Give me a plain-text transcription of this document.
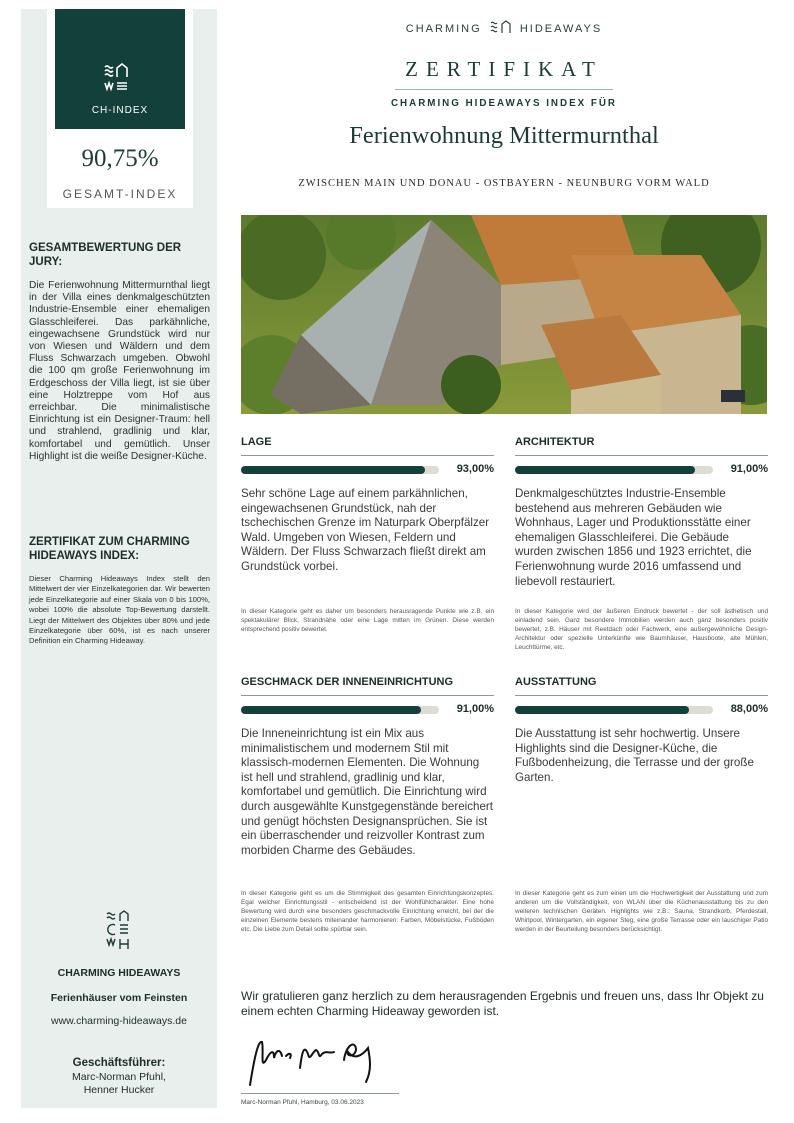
CH-INDEX
90,75%
GESAMT-INDEX
GESAMTBEWERTUNG DER JURY:
Die Ferienwohnung Mittermurnthal liegt in der Villa eines denkmalgeschützten Industrie-Ensemble einer ehemaligen Glasschleiferei. Das parkähnliche, eingewachsene Grundstück wird nur von Wiesen und Wäldern und dem Fluss Schwarzach umgeben. Obwohl die 100 qm große Ferienwohnung im Erdgeschoss der Villa liegt, ist sie über eine Holztreppe vom Hof aus erreichbar. Die minimalistische Einrichtung ist ein Designer-Traum: hell und strahlend, gradlinig und klar, komfortabel und gemütlich. Unser Highlight ist die weiße Designer-Küche.
ZERTIFIKAT ZUM CHARMING HIDEAWAYS INDEX:
Dieser Charming Hideaways Index stellt den Mittelwert der vier Einzelkategorien dar. Wir bewerten jede Einzelkategorie auf einer Skala von 0 bis 100%, wobei 100% die absolute Top-Bewertung darstellt. Liegt der Mittelwert des Objektes über 80% und jede Einzelkategorie über 60%, ist es nach unserer Definition ein Charming Hideaway.
CHARMING HIDEAWAYS
Ferienhäuser vom Feinsten
www.charming-hideaways.de
Geschäftsführer:
Marc-Norman Pfuhl,
Henner Hucker
CHARMING	HIDEAWAYS
ZERTIFIKAT
CHARMING HIDEAWAYS INDEX FÜR
Ferienwohnung Mittermurnthal
ZWISCHEN MAIN UND DONAU - OSTBAYERN - NEUNBURG VORM WALD
LAGE
93,00%
Sehr schöne Lage auf einem parkähnlichen, eingewachsenen Grundstück, nah der tschechischen Grenze im Naturpark Oberpfälzer Wald. Umgeben von Wiesen, Feldern und Wäldern. Der Fluss Schwarzach fließt direkt am Grundstück vorbei.
In dieser Kategorie geht es daher um besonders herausragende Punkte wie z.B. ein spektakulärer Blick, Strandnähe oder eine Lage mitten im Grünen. Diese werden entsprechend positiv bewertet.
ARCHITEKTUR
91,00%
Denkmalgeschütztes Industrie-Ensemble bestehend aus mehreren Gebäuden wie Wohnhaus, Lager und Produktionsstätte einer ehemaligen Glasschleiferei. Die Gebäude wurden zwischen 1856 und 1923 errichtet, die Ferienwohnung wurde 2016 umfassend und liebevoll restauriert.
In dieser Kategorie wird der äußeren Eindruck bewertet - der soll ästhetisch und einladend sein. Ganz besondere Immobilien werden auch ganz besonders positiv bewertet, z.B. Häuser mit Reetdach oder Fachwerk, eine außergewöhnliche Design-Architektur oder spezielle Unterkünfte wie Baumhäuser, Hausboote, alte Mühlen, Leuchttürme, etc.
GESCHMACK DER INNENEINRICHTUNG
91,00%
Die Inneneinrichtung ist ein Mix aus minimalistischem und modernem Stil mit klassisch-modernen Elementen. Die Wohnung ist hell und strahlend, gradlinig und klar, komfortabel und gemütlich. Die Einrichtung wird durch ausgewählte Kunstgegenstände bereichert und genügt höchsten Designansprüchen. Sie ist ein überraschender und reizvoller Kontrast zum morbiden Charme des Gebäudes.
In dieser Kategorie geht es um die Stimmigkeit des gesamten Einrichtungskonzeptes. Egal welcher Einrichtungsstil - entscheidend ist der Wohlfühlcharakter. Eine hohe Bewertung wird durch eine besonders geschmackvolle Einrichtung erreicht, bei der die einzelnen Elemente bestens miteinander harmonieren: Farben, Möbelstücke, Fußböden etc. Die Liebe zum Detail sollte spürbar sein.
AUSSTATTUNG
88,00%
Die Ausstattung ist sehr hochwertig. Unsere Highlights sind die Designer-Küche, die Fußbodenheizung, die Terrasse und der große Garten.
In dieser Kategorie geht es zum einen um die Hochwertigkeit der Ausstattung und zum anderen um die Vollständigkeit, von WLAN über die Küchenausstattung bis zu den weiteren technischen Geräten. Highlights wie z.B.: Sauna, Strandkorb, Pferdestall, Whirlpool, Wintergarten, ein eigener Steg, eine große Terrasse oder ein lauschiger Patio werden in der Beurteilung besonders berücksichtigt.
Wir gratulieren ganz herzlich zu dem herausragenden Ergebnis und freuen uns, dass Ihr Objekt zu einem echten Charming Hideaway geworden ist.
Marc-Norman Pfuhl, Hamburg, 03.06.2023
